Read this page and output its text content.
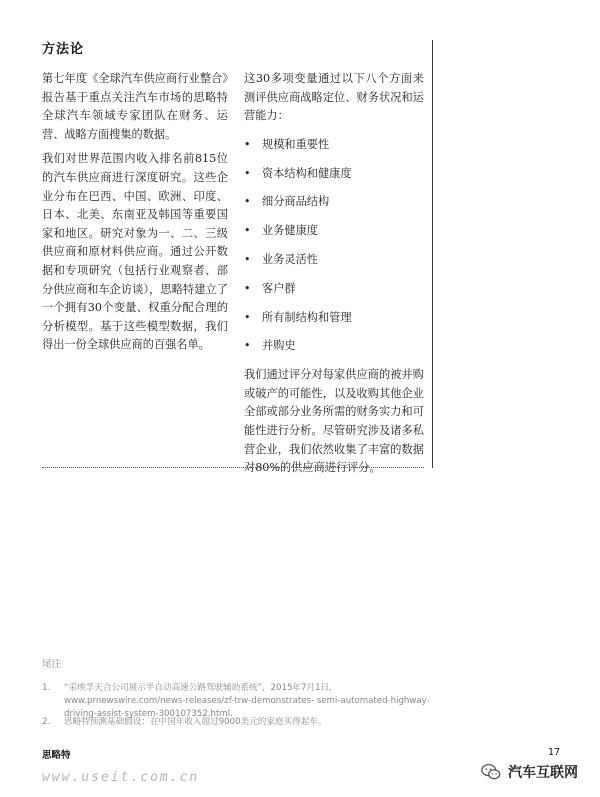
方法论

第七年度《全球汽车供应商行业整合》报告基于重点关注汽车市场的思略特全球汽车领域专家团队在财务、运营、战略方面搜集的数据。

我们对世界范围内收入排名前815位的汽车供应商进行深度研究。这些企业分布在巴西、中国、欧洲、印度、日本、北美、东南亚及韩国等重要国家和地区。研究对象为一、二、三级供应商和原材料供应商。通过公开数据和专项研究（包括行业观察者、部分供应商和车企访谈），思略特建立了一个拥有30个变量、权重分配合理的分析模型。基于这些模型数据，我们得出一份全球供应商的百强名单。

这30多项变量通过以下八个方面来测评供应商战略定位、财务状况和运营能力：

• 规模和重要性
• 资本结构和健康度
• 细分商品结构
• 业务健康度
• 业务灵活性
• 客户群
• 所有制结构和管理
• 并购史

我们通过评分对每家供应商的被并购或破产的可能性，以及收购其他企业全部或部分业务所需的财务实力和可能性进行分析。尽管研究涉及诸多私营企业，我们依然收集了丰富的数据对80%的供应商进行评分。

尾注
1. “采埃孚天合公司展示半自动高速公路驾驶辅助系统”，2015年7月1日, www.prnewswire.com/news-releases/zf-trw-demonstrates- semi-automated-highway-driving-assist-system-300107352.html.
2. 思略特预测基础假设：在中国年收入超过9000美元的家庭买得起车。
思略特	17
www.useit.com.cn	汽车互联网
